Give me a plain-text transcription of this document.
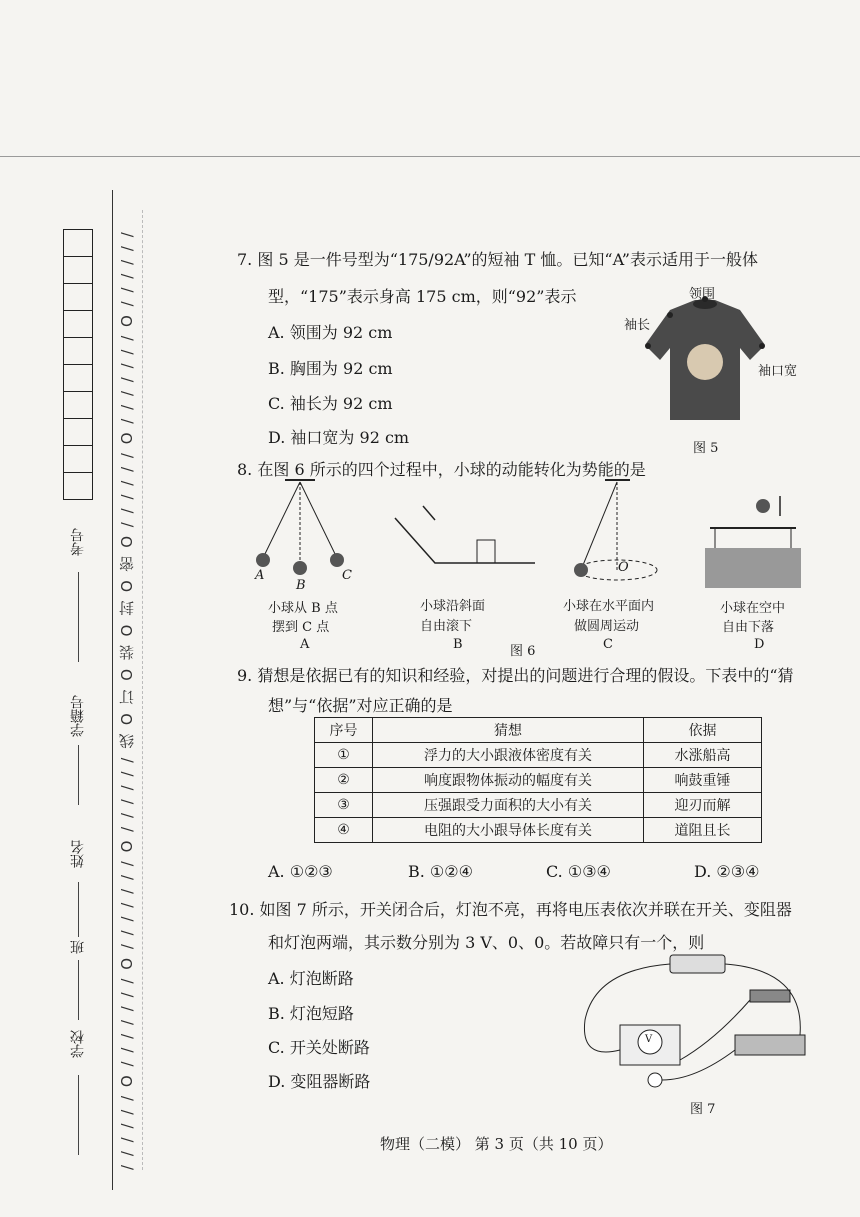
考号
学籍号
姓名
班
学校 / / / / / / O / / / / / / / O / / / / / / / O / / / / / / 线 O 订 O 装 O 封 O 密 O / / / / / / O / / / / / / / O / / / / / /	7. 图 5 是一件号型为“175/92A”的短袖 T 恤。已知“A”表示适用于一般体
型，“175”表示身高 175 cm，则“92”表示
A. 领围为 92 cm
B. 胸围为 92 cm
C. 袖长为 92 cm
D. 袖口宽为 92 cm
领围
袖长
袖口宽
图 5
8. 在图 6 所示的四个过程中，小球的动能转化为势能的是
A
B
C
O
小球从 B 点
摆到 C 点
A
小球沿斜面
自由滚下
B
小球在水平面内
做圆周运动
C
小球在空中
自由下落
D
图 6
9. 猜想是依据已有的知识和经验，对提出的问题进行合理的假设。下表中的“猜
想”与“依据”对应正确的是
序号	猜想	依据
①	浮力的大小跟液体密度有关	水涨船高
②	响度跟物体振动的幅度有关	响鼓重锤
③	压强跟受力面积的大小有关	迎刃而解
④	电阻的大小跟导体长度有关	道阻且长
A. ①②③	B. ①②④	C. ①③④	D. ②③④
10. 如图 7 所示，开关闭合后，灯泡不亮，再将电压表依次并联在开关、变阻器
和灯泡两端，其示数分别为 3 V、0、0。若故障只有一个，则
A. 灯泡断路
B. 灯泡短路
C. 开关处断路
D. 变阻器断路
V
图 7
物理（二模） 第 3 页（共 10 页）
